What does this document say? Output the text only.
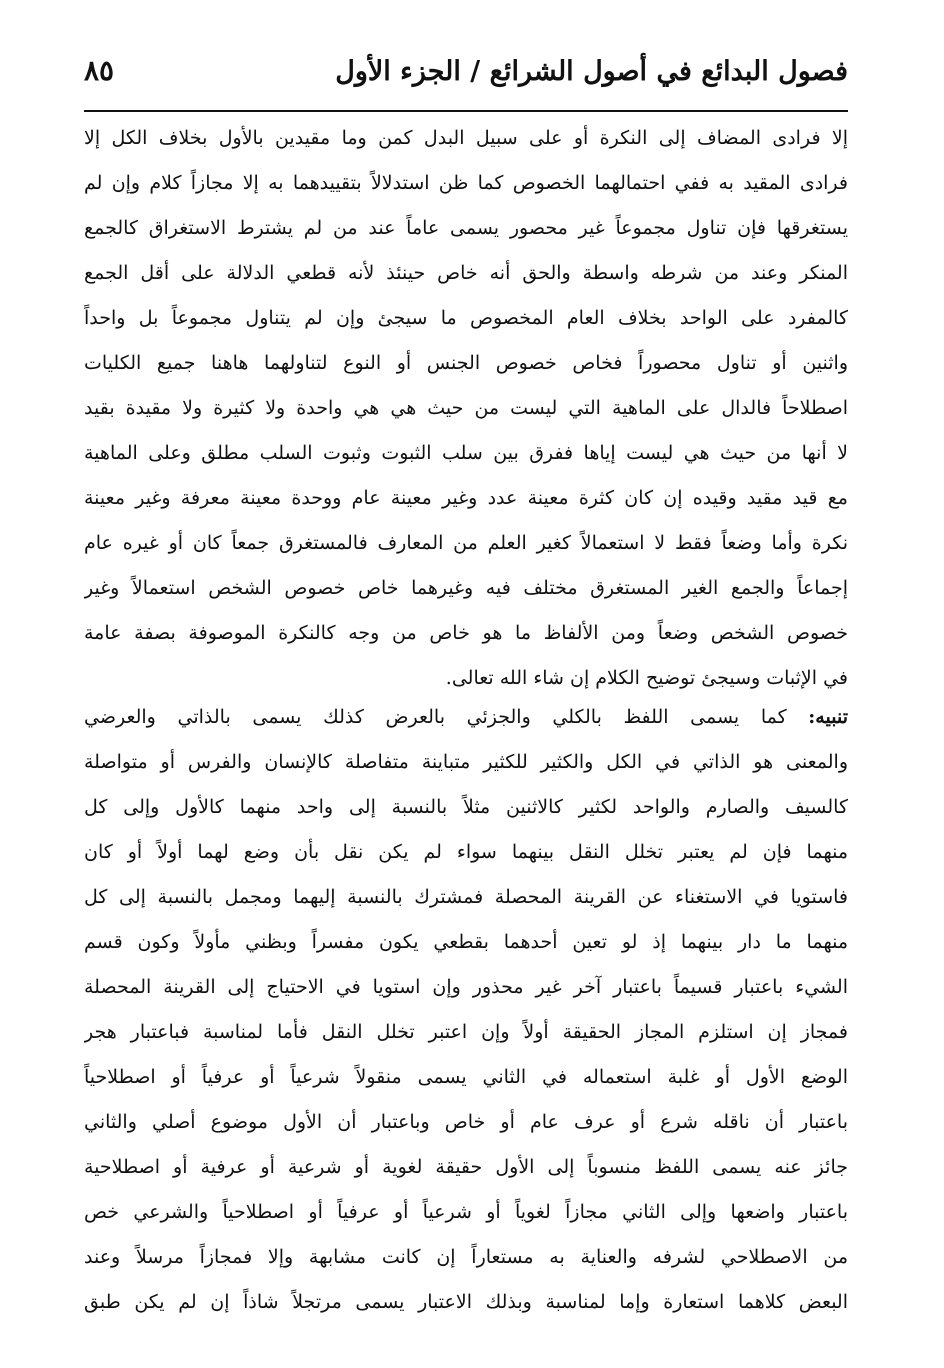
فصول البدائع في أصول الشرائع / الجزء الأول
٨٥
إلا فرادى المضاف إلى النكرة أو على سبيل البدل كمن وما مقيدين بالأول بخلاف الكل إلا
فرادى المقيد به ففي احتمالهما الخصوص كما ظن استدلالاً بتقييدهما به إلا مجازاً كلام وإن لم
يستغرقها فإن تناول مجموعاً غير محصور يسمى عاماً عند من لم يشترط الاستغراق كالجمع
المنكر وعند من شرطه واسطة والحق أنه خاص حينئذ لأنه قطعي الدلالة على أقل الجمع
كالمفرد على الواحد بخلاف العام المخصوص ما سيجئ وإن لم يتناول مجموعاً بل واحداً
واثنين أو تناول محصوراً فخاص خصوص الجنس أو النوع لتناولهما هاهنا جميع الكليات
اصطلاحاً فالدال على الماهية التي ليست من حيث هي هي واحدة ولا كثيرة ولا مقيدة بقيد
لا أنها من حيث هي ليست إياها ففرق بين سلب الثبوت وثبوت السلب مطلق وعلى الماهية
مع قيد مقيد وقيده إن كان كثرة معينة عدد وغير معينة عام ووحدة معينة معرفة وغير معينة
نكرة وأما وضعاً فقط لا استعمالاً كغير العلم من المعارف فالمستغرق جمعاً كان أو غيره عام
إجماعاً والجمع الغير المستغرق مختلف فيه وغيرهما خاص خصوص الشخص استعمالاً وغير
خصوص الشخص وضعاً ومن الألفاظ ما هو خاص من وجه كالنكرة الموصوفة بصفة عامة
في الإثبات وسيجئ توضيح الكلام إن شاء الله تعالى.
تنبيه: كما يسمى اللفظ بالكلي والجزئي بالعرض كذلك يسمى بالذاتي والعرضي
والمعنى هو الذاتي في الكل والكثير للكثير متباينة متفاصلة كالإنسان والفرس أو متواصلة
كالسيف والصارم والواحد لكثير كالاثنين مثلاً بالنسبة إلى واحد منهما كالأول وإلى كل
منهما فإن لم يعتبر تخلل النقل بينهما سواء لم يكن نقل بأن وضع لهما أولاً أو كان
فاستويا في الاستغناء عن القرينة المحصلة فمشترك بالنسبة إليهما ومجمل بالنسبة إلى كل
منهما ما دار بينهما إذ لو تعين أحدهما بقطعي يكون مفسراً وبظني مأولاً وكون قسم
الشيء باعتبار قسيماً باعتبار آخر غير محذور وإن استويا في الاحتياج إلى القرينة المحصلة
فمجاز إن استلزم المجاز الحقيقة أولاً وإن اعتبر تخلل النقل فأما لمناسبة فباعتبار هجر
الوضع الأول أو غلبة استعماله في الثاني يسمى منقولاً شرعياً أو عرفياً أو اصطلاحياً
باعتبار أن ناقله شرع أو عرف عام أو خاص وباعتبار أن الأول موضوع أصلي والثاني
جائز عنه يسمى اللفظ منسوباً إلى الأول حقيقة لغوية أو شرعية أو عرفية أو اصطلاحية
باعتبار واضعها وإلى الثاني مجازاً لغوياً أو شرعياً أو عرفياً أو اصطلاحياً والشرعي خص
من الاصطلاحي لشرفه والعناية به مستعاراً إن كانت مشابهة وإلا فمجازاً مرسلاً وعند
البعض كلاهما استعارة وإما لمناسبة وبذلك الاعتبار يسمى مرتجلاً شاذاً إن لم يكن طبق
